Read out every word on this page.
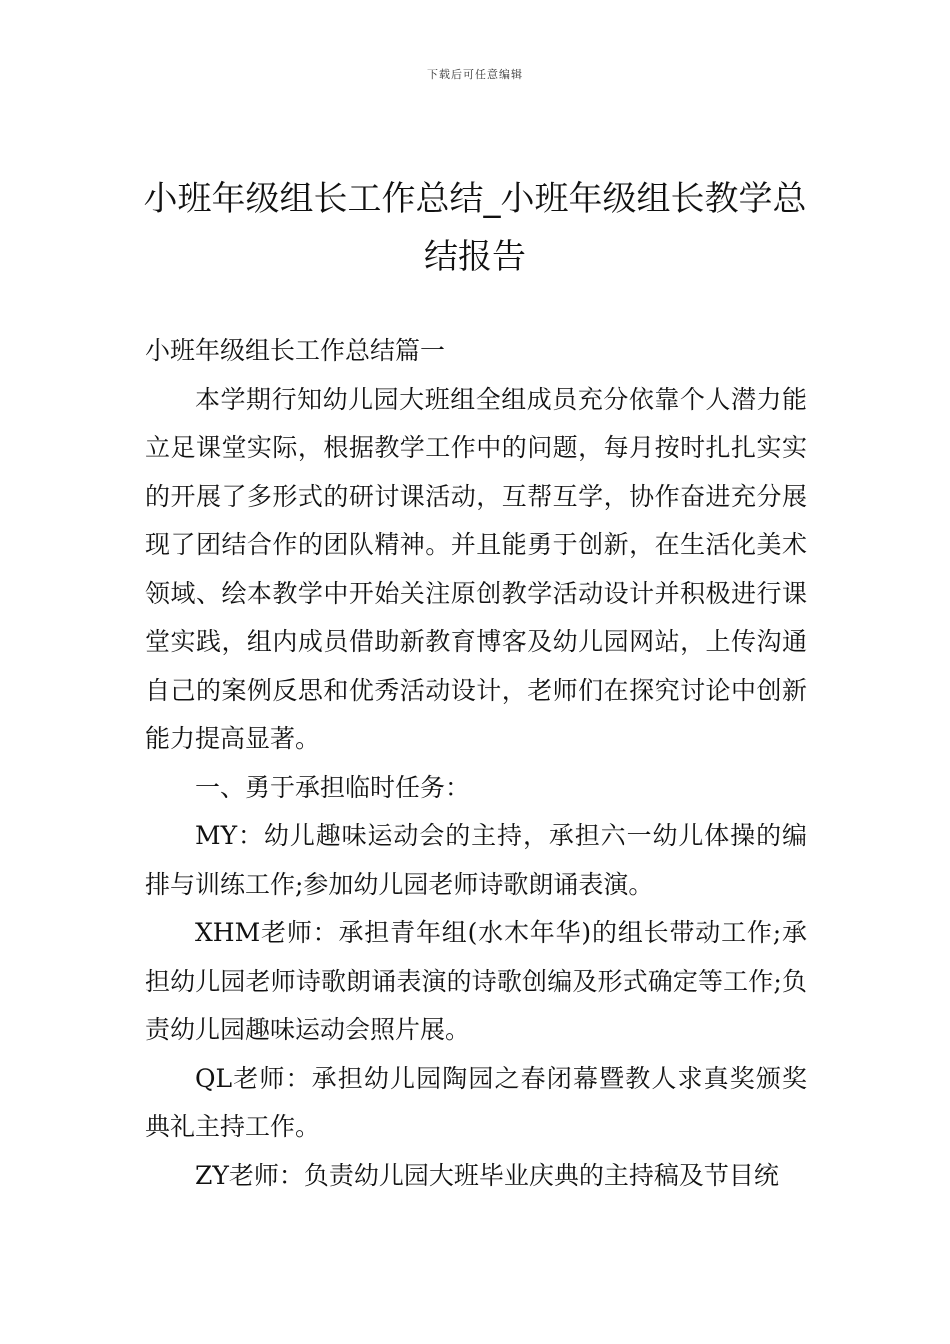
下载后可任意编辑
小班年级组长工作总结_小班年级组长教学总结报告

小班年级组长工作总结篇一

本学期行知幼儿园大班组全组成员充分依靠个人潜力能立足课堂实际，根据教学工作中的问题，每月按时扎扎实实的开展了多形式的研讨课活动，互帮互学，协作奋进充分展现了团结合作的团队精神。并且能勇于创新，在生活化美术领域、绘本教学中开始关注原创教学活动设计并积极进行课堂实践，组内成员借助新教育博客及幼儿园网站，上传沟通自己的案例反思和优秀活动设计，老师们在探究讨论中创新能力提高显著。

一、勇于承担临时任务：

MY：幼儿趣味运动会的主持，承担六一幼儿体操的编排与训练工作;参加幼儿园老师诗歌朗诵表演。

XHM老师：承担青年组(水木年华)的组长带动工作;承担幼儿园老师诗歌朗诵表演的诗歌创编及形式确定等工作;负责幼儿园趣味运动会照片展。

QL老师：承担幼儿园陶园之春闭幕暨教人求真奖颁奖典礼主持工作。

ZY老师：负责幼儿园大班毕业庆典的主持稿及节目统
